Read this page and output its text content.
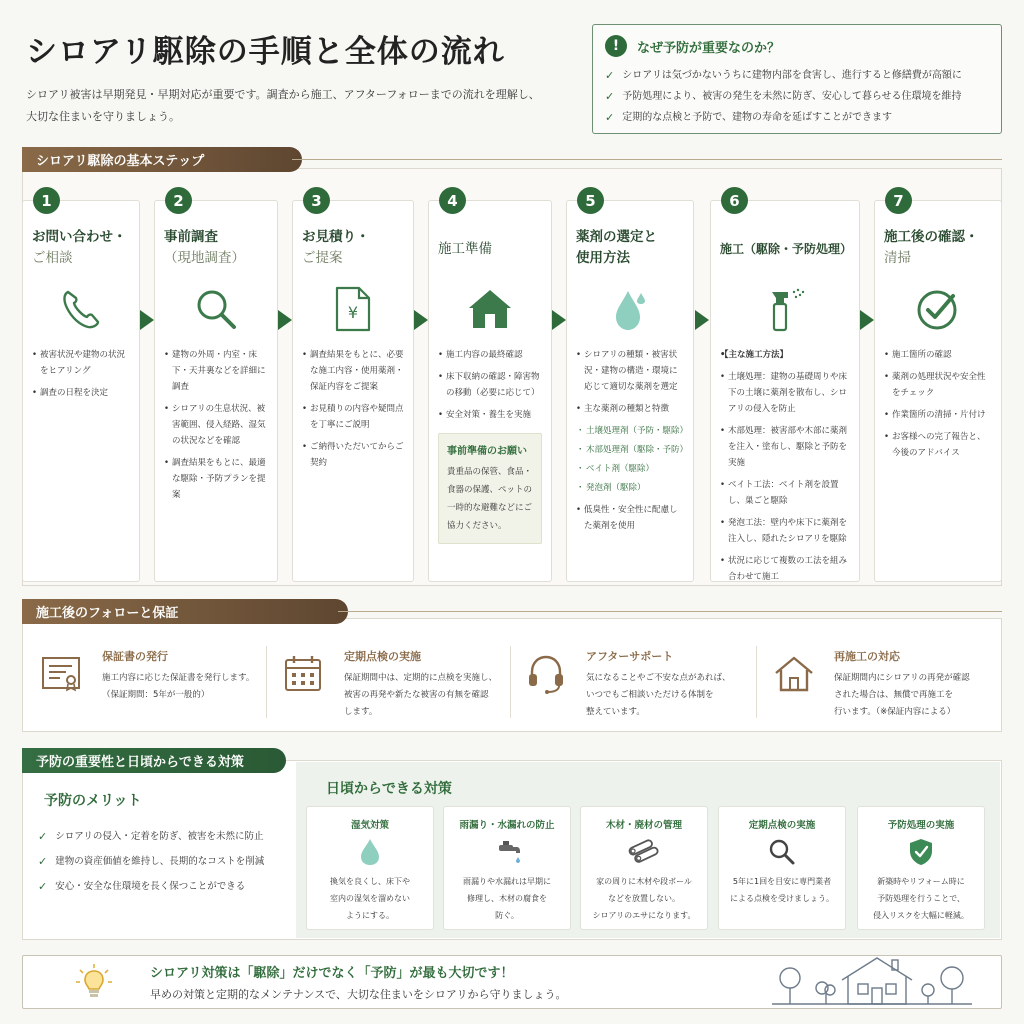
シロアリ駆除の手順と全体の流れ
シロアリ被害は早期発見・早期対応が重要です。調査から施工、アフターフォローまでの流れを理解し、
大切な住まいを守りましょう。
!	なぜ予防が重要なのか？
✓ シロアリは気づかないうちに建物内部を食害し、進行すると修繕費が高額に
✓ 予防処理により、被害の発生を未然に防ぎ、安心して暮らせる住環境を維持
✓ 定期的な点検と予防で、建物の寿命を延ばすことができます
シロアリ駆除の基本ステップ
1
お問い合わせ・
ご相談
• 被害状況や建物の状況をヒアリング
• 調査の日程を決定
2
事前調査
（現地調査）
• 建物の外周・内室・床下・天井裏などを詳細に調査
• シロアリの生息状況、被害範囲、侵入経路、湿気の状況などを確認
• 調査結果をもとに、最適な駆除・予防プランを提案
3
お見積り・
ご提案
¥
• 調査結果をもとに、必要な施工内容・使用薬剤・保証内容をご提案
• お見積りの内容や疑問点を丁寧にご説明
• ご納得いただいてからご契約
4
施工準備
• 施工内容の最終確認
• 床下収納の確認・障害物の移動（必要に応じて）
• 安全対策・養生を実施
事前準備のお願い
貴重品の保管、食品・食器の保護、ペットの一時的な避難などにご協力ください。
5
薬剤の選定と
使用方法
• シロアリの種類・被害状況・建物の構造・環境に応じて適切な薬剤を選定
• 主な薬剤の種類と特徴
・ 土壌処理剤（予防・駆除）
・ 木部処理剤（駆除・予防）
・ ベイト剤（駆除）
・ 発泡剤（駆除）
• 低臭性・安全性に配慮した薬剤を使用
6
施工（駆除・予防処理）
• 【主な施工方法】
• 土壌処理：建物の基礎周りや床下の土壌に薬剤を散布し、シロアリの侵入を防止
• 木部処理：被害部や木部に薬剤を注入・塗布し、駆除と予防を実施
• ベイト工法：ベイト剤を設置し、巣ごと駆除
• 発泡工法：壁内や床下に薬剤を注入し、隠れたシロアリを駆除
• 状況に応じて複数の工法を組み合わせて施工
7
施工後の確認・
清掃
• 施工箇所の確認
• 薬剤の処理状況や安全性をチェック
• 作業箇所の清掃・片付け
• お客様への完了報告と、今後のアドバイス
施工後のフォローと保証
保証書の発行
施工内容に応じた保証書を発行します。
（保証期間：5年が一般的）
定期点検の実施
保証期間中は、定期的に点検を実施し、
被害の再発や新たな被害の有無を確認
します。
アフターサポート
気になることやご不安な点があれば、
いつでもご相談いただける体制を
整えています。
再施工の対応
保証期間内にシロアリの再発が確認
された場合は、無償で再施工を
行います。（※保証内容による）
予防の重要性と日頃からできる対策
予防のメリット
✓ シロアリの侵入・定着を防ぎ、被害を未然に防止
✓ 建物の資産価値を維持し、長期的なコストを削減
✓ 安心・安全な住環境を長く保つことができる
日頃からできる対策
湿気対策
換気を良くし、床下や
室内の湿気を溜めない
ようにする。
雨漏り・水漏れの防止
雨漏りや水漏れは早期に
修理し、木材の腐食を
防ぐ。
木材・廃材の管理
家の周りに木材や段ボール
などを放置しない。
シロアリのエサになります。
定期点検の実施
5年に1回を目安に専門業者
による点検を受けましょう。
予防処理の実施
新築時やリフォーム時に
予防処理を行うことで、
侵入リスクを大幅に軽減。
シロアリ対策は「駆除」だけでなく「予防」が最も大切です！
早めの対策と定期的なメンテナンスで、大切な住まいをシロアリから守りましょう。
